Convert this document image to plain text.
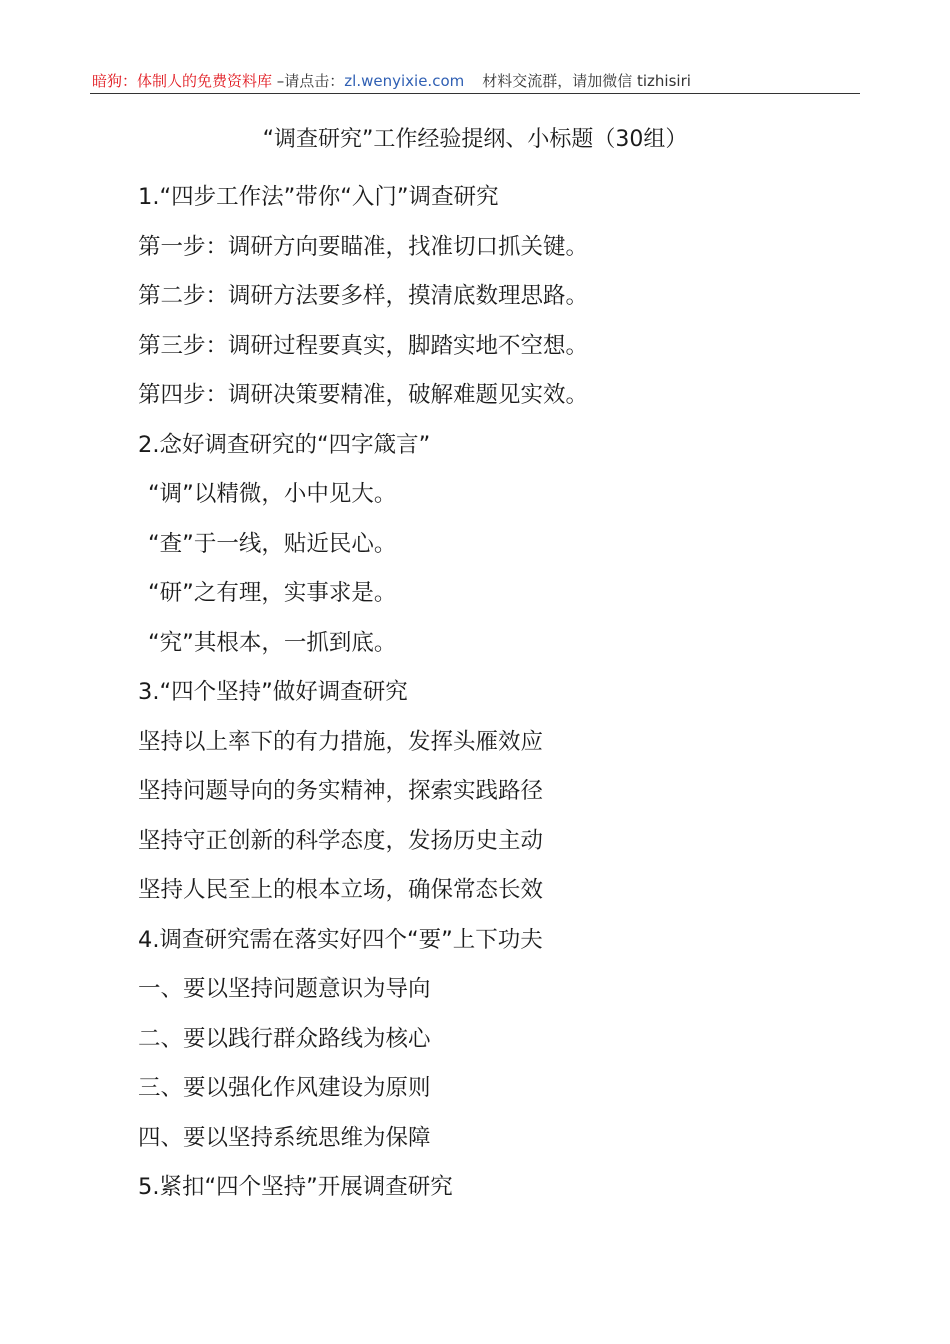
暗狗：体制人的免费资料库 –请点击：zl.wenyixie.com 材料交流群，请加微信 tizhisiri
“调查研究”工作经验提纲、小标题（30组）
1.“四步工作法”带你“入门”调查研究
第一步：调研方向要瞄准，找准切口抓关键。
第二步：调研方法要多样，摸清底数理思路。
第三步：调研过程要真实，脚踏实地不空想。
第四步：调研决策要精准，破解难题见实效。
2.念好调查研究的“四字箴言”
“调”以精微，小中见大。
“查”于一线，贴近民心。
“研”之有理，实事求是。
“究”其根本，一抓到底。
3.“四个坚持”做好调查研究
坚持以上率下的有力措施，发挥头雁效应
坚持问题导向的务实精神，探索实践路径
坚持守正创新的科学态度，发扬历史主动
坚持人民至上的根本立场，确保常态长效
4.调查研究需在落实好四个“要”上下功夫
一、要以坚持问题意识为导向
二、要以践行群众路线为核心
三、要以强化作风建设为原则
四、要以坚持系统思维为保障
5.紧扣“四个坚持”开展调查研究
